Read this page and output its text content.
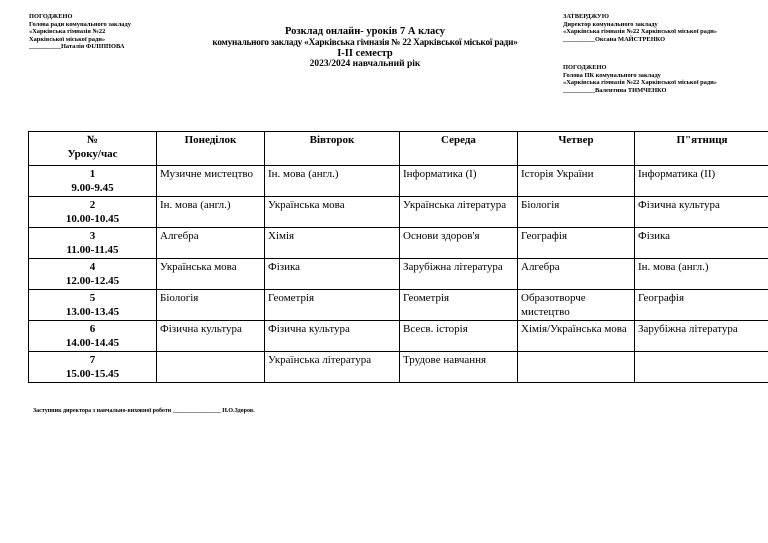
ПОГОДЖЕНО
Голова ради комунального закладу
«Харківська гімназія №22
Харківської міської ради»
__________Наталія ФІЛІППОВА
Розклад онлайн- уроків 7 А класу
комунального закладу «Харківська гімназія № 22 Харківської міської ради»
І-ІІ семестр
2023/2024 навчальний рік
ЗАТВЕРДЖУЮ
Директор комунального закладу
«Харківська гімназія №22 Харківської міської ради»
__________Оксана МАЙСТРЕНКО
ПОГОДЖЕНО
Голова ПК комунального закладу
«Харківська гімназія №22 Харківської міської ради»
__________Валентина ТИМЧЕНКО
№
Уроку/час	Понеділок	Вівторок	Середа	Четвер	П"ятниця

1
9.00-9.45	Музичне мистецтво	Ін. мова (англ.)	Інформатика (І)	Історія України	Інформатика (ІІ)

2
10.00-10.45	Ін. мова (англ.)	Українська мова	Українська література	Біологія	Фізична культура

3
11.00-11.45	Алгебра	Хімія	Основи здоров'я	Географія	Фізика

4
12.00-12.45	Українська мова	Фізика	Зарубіжна література	Алгебра	Ін. мова (англ.)

5
13.00-13.45	Біологія	Геометрія	Геометрія	Образотворче мистецтво	Географія

6
14.00-14.45	Фізична культура	Фізична культура	Всесв. історія	Хімія/Українська мова	Зарубіжна література

7
15.00-15.45		Українська література	Трудове навчання		
Заступник директора з навчально-виховної роботи ________________ Н.О.Здоров.
